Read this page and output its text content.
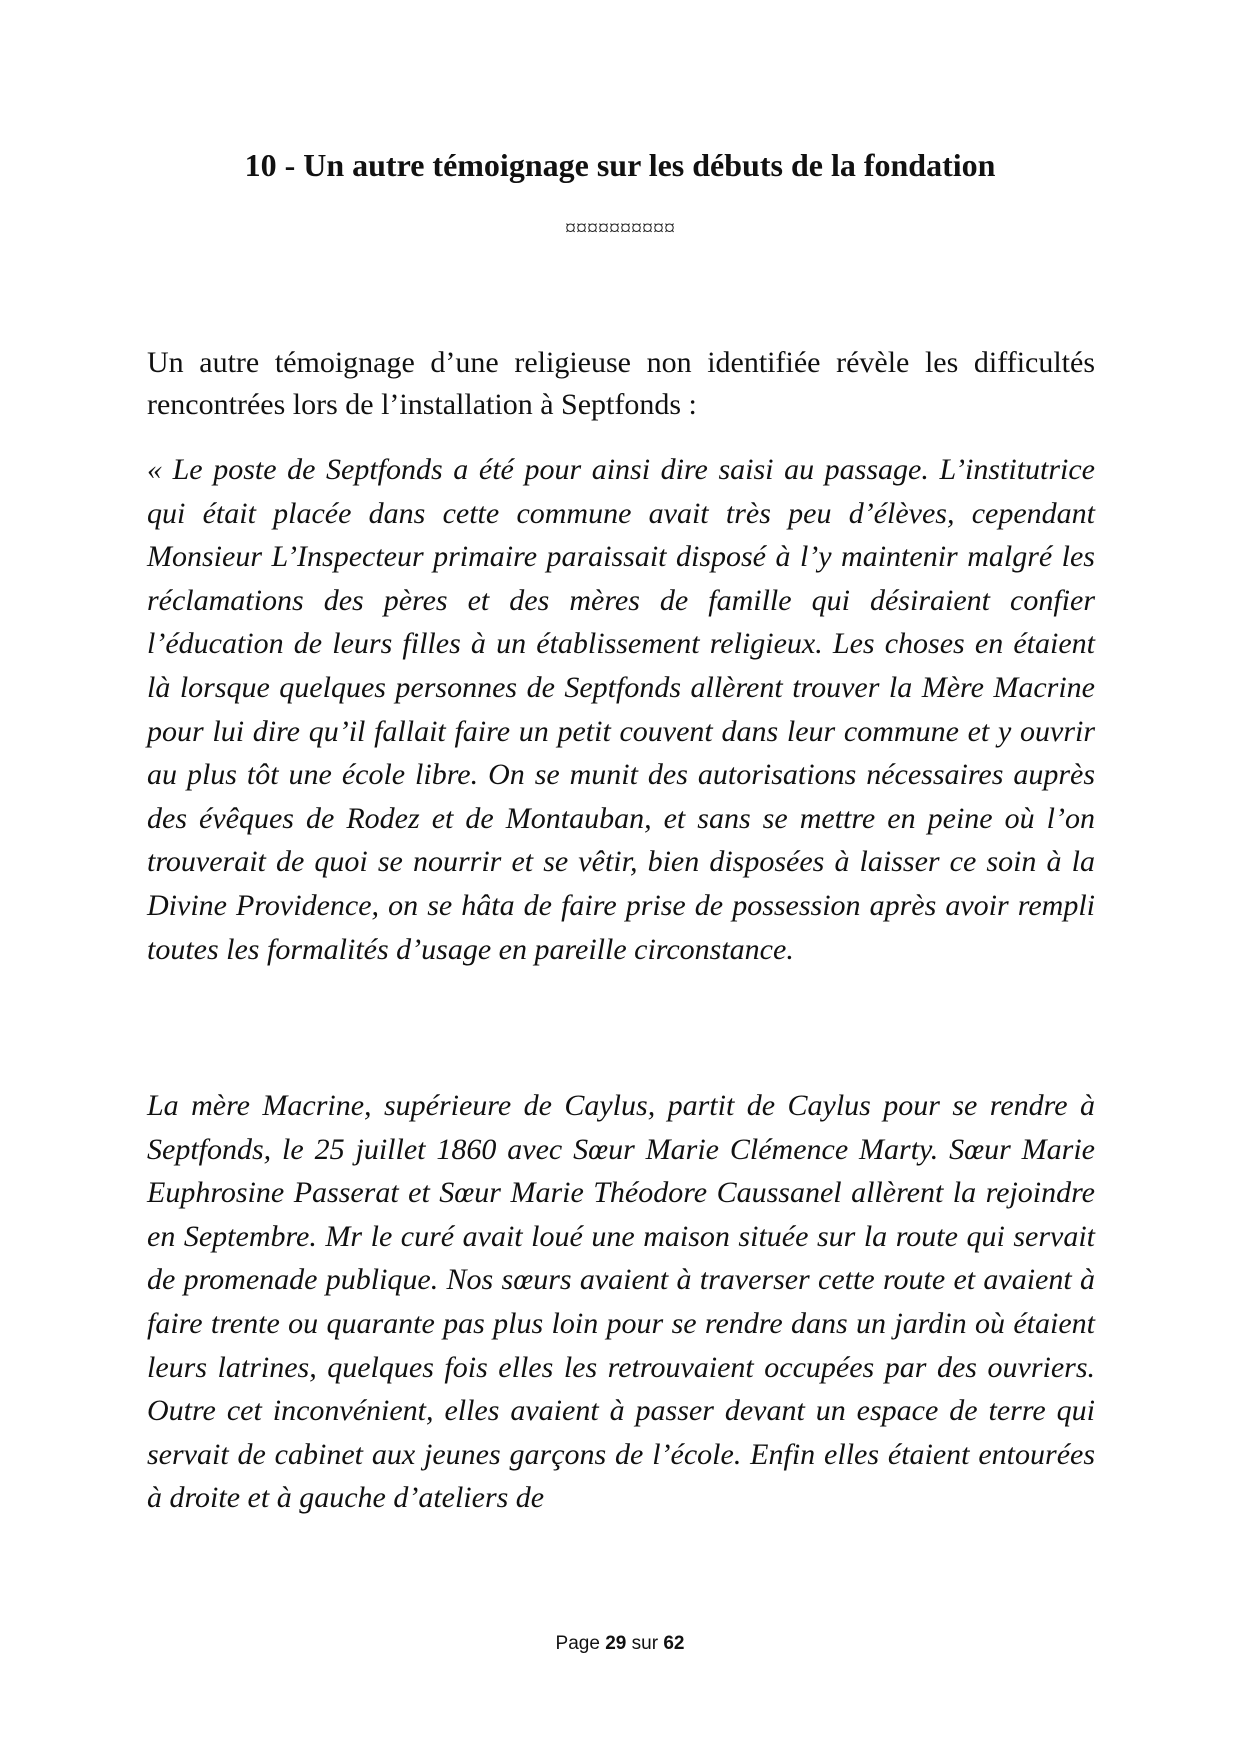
10 - Un autre témoignage sur les débuts de la fondation
¤¤¤¤¤¤¤¤¤¤

Un autre témoignage d’une religieuse non identifiée révèle les difficultés rencontrées lors de l’installation à Septfonds :

« Le poste de Septfonds a été pour ainsi dire saisi au passage. L’institutrice qui était placée dans cette commune avait très peu d’élèves, cependant Monsieur L’Inspecteur primaire paraissait disposé à l’y maintenir malgré les réclamations des pères et des mères de famille qui désiraient confier l’éducation de leurs filles à un établissement religieux. Les choses en étaient là lorsque quelques personnes de Septfonds allèrent trouver la Mère Macrine pour lui dire qu’il fallait faire un petit couvent dans leur commune et y ouvrir au plus tôt une école libre. On se munit des autorisations nécessaires auprès des évêques de Rodez et de Montauban, et sans se mettre en peine où l’on trouverait de quoi se nourrir et se vêtir, bien disposées à laisser ce soin à la Divine Providence, on se hâta de faire prise de possession après avoir rempli toutes les formalités d’usage en pareille circonstance.

La mère Macrine, supérieure de Caylus, partit de Caylus pour se rendre à Septfonds, le 25 juillet 1860 avec Sœur Marie Clémence Marty. Sœur Marie Euphrosine Passerat et Sœur Marie Théodore Caussanel allèrent la rejoindre en Septembre. Mr le curé avait loué une maison située sur la route qui servait de promenade publique. Nos sœurs avaient à traverser cette route et avaient à faire trente ou quarante pas plus loin pour se rendre dans un jardin où étaient leurs latrines, quelques fois elles les retrouvaient occupées par des ouvriers. Outre cet inconvénient, elles avaient à passer devant un espace de terre qui servait de cabinet aux jeunes garçons de l’école. Enfin elles étaient entourées à droite et à gauche d’ateliers de

Page 29 sur 62
